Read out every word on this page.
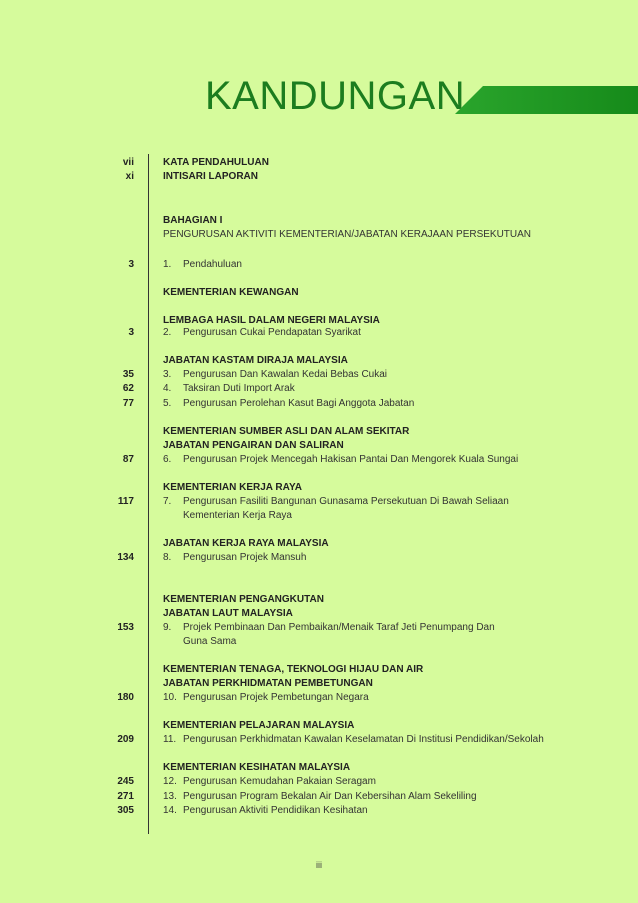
KANDUNGAN
vii	KATA PENDAHULUAN
xi	INTISARI LAPORAN
BAHAGIAN I
PENGURUSAN AKTIVITI KEMENTERIAN/JABATAN KERAJAAN PERSEKUTUAN
3	1. Pendahuluan
KEMENTERIAN KEWANGAN
LEMBAGA HASIL DALAM NEGERI MALAYSIA
3	2. Pengurusan Cukai Pendapatan Syarikat
JABATAN KASTAM DIRAJA MALAYSIA
35	3. Pengurusan Dan Kawalan Kedai Bebas Cukai
62	4. Taksiran Duti Import Arak
77	5. Pengurusan Perolehan Kasut Bagi Anggota Jabatan
KEMENTERIAN SUMBER ASLI DAN ALAM SEKITAR
JABATAN PENGAIRAN DAN SALIRAN
87	6. Pengurusan Projek Mencegah Hakisan Pantai Dan Mengorek Kuala Sungai
KEMENTERIAN KERJA RAYA
117	7. Pengurusan Fasiliti Bangunan Gunasama Persekutuan Di Bawah Seliaan
Kementerian Kerja Raya
JABATAN KERJA RAYA MALAYSIA
134	8. Pengurusan Projek Mansuh
KEMENTERIAN PENGANGKUTAN
JABATAN LAUT MALAYSIA
153	9. Projek Pembinaan Dan Pembaikan/Menaik Taraf Jeti Penumpang Dan
Guna Sama
KEMENTERIAN TENAGA, TEKNOLOGI HIJAU DAN AIR
JABATAN PERKHIDMATAN PEMBETUNGAN
180	10. Pengurusan Projek Pembetungan Negara
KEMENTERIAN PELAJARAN MALAYSIA
209	11. Pengurusan Perkhidmatan Kawalan Keselamatan Di Institusi Pendidikan/Sekolah
KEMENTERIAN KESIHATAN MALAYSIA
245	12. Pengurusan Kemudahan Pakaian Seragam
271	13. Pengurusan Program Bekalan Air Dan Kebersihan Alam Sekeliling
305	14. Pengurusan Aktiviti Pendidikan Kesihatan
iii
